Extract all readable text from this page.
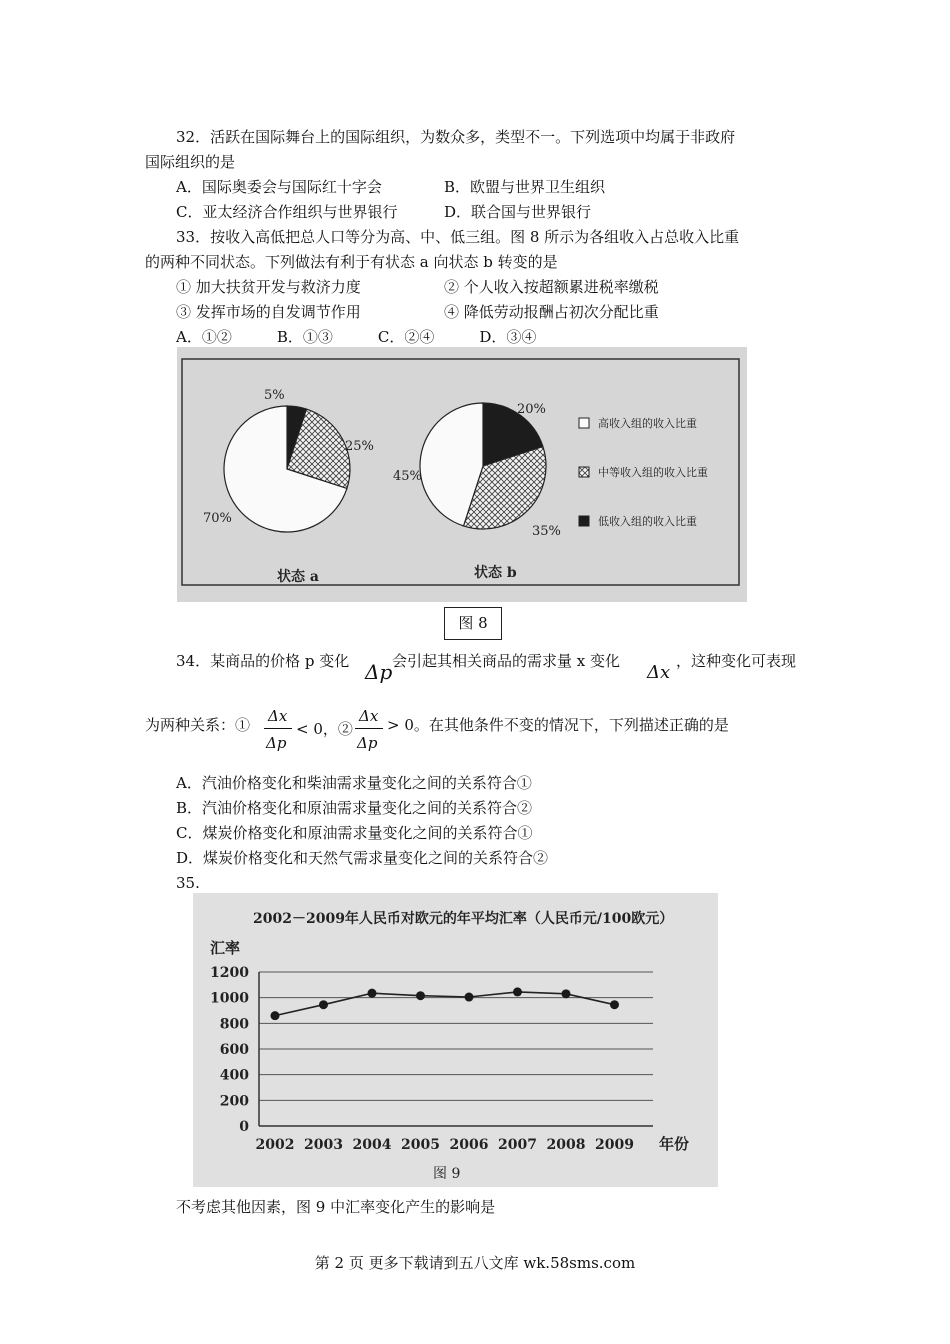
32．活跃在国际舞台上的国际组织，为数众多，类型不一。下列选项中均属于非政府
国际组织的是
A．国际奥委会与国际红十字会	B．欧盟与世界卫生组织
C．亚太经济合作组织与世界银行	D．联合国与世界银行
33．按收入高低把总人口等分为高、中、低三组。图 8 所示为各组收入占总收入比重
的两种不同状态。下列做法有利于有状态 a 向状态 b 转变的是
① 加大扶贫开发与救济力度	② 个人收入按超额累进税率缴税
③ 发挥市场的自发调节作用	④ 降低劳动报酬占初次分配比重
A．①②　　　B．①③　　　C．②④　　　D．③④
5%
25%
70%
状态 a
20%
35%
45%
状态 b
高收入组的收入比重
中等收入组的收入比重
低收入组的收入比重
图 8
34．某商品的价格 p 变化 Δp 会引起其相关商品的需求量 x 变化
Δx
，这种变化可表现
为两种关系：① Δx
Δp
< 0，②
Δx
Δp
> 0。在其他条件不变的情况下，下列描述正确的是
A．汽油价格变化和柴油需求量变化之间的关系符合①
B．汽油价格变化和原油需求量变化之间的关系符合②
C．煤炭价格变化和原油需求量变化之间的关系符合①
D．煤炭价格变化和天然气需求量变化之间的关系符合②
35.
2002－2009年人民币对欧元的年平均汇率（人民币元/100欧元）
汇率
0
200
400
600
800
1000
1200
2002 2003 2004 2005 2006 2007 2008 2009 年份
图 9
不考虑其他因素，图 9 中汇率变化产生的影响是
第 2 页 更多下载请到五八文库 wk.58sms.com
